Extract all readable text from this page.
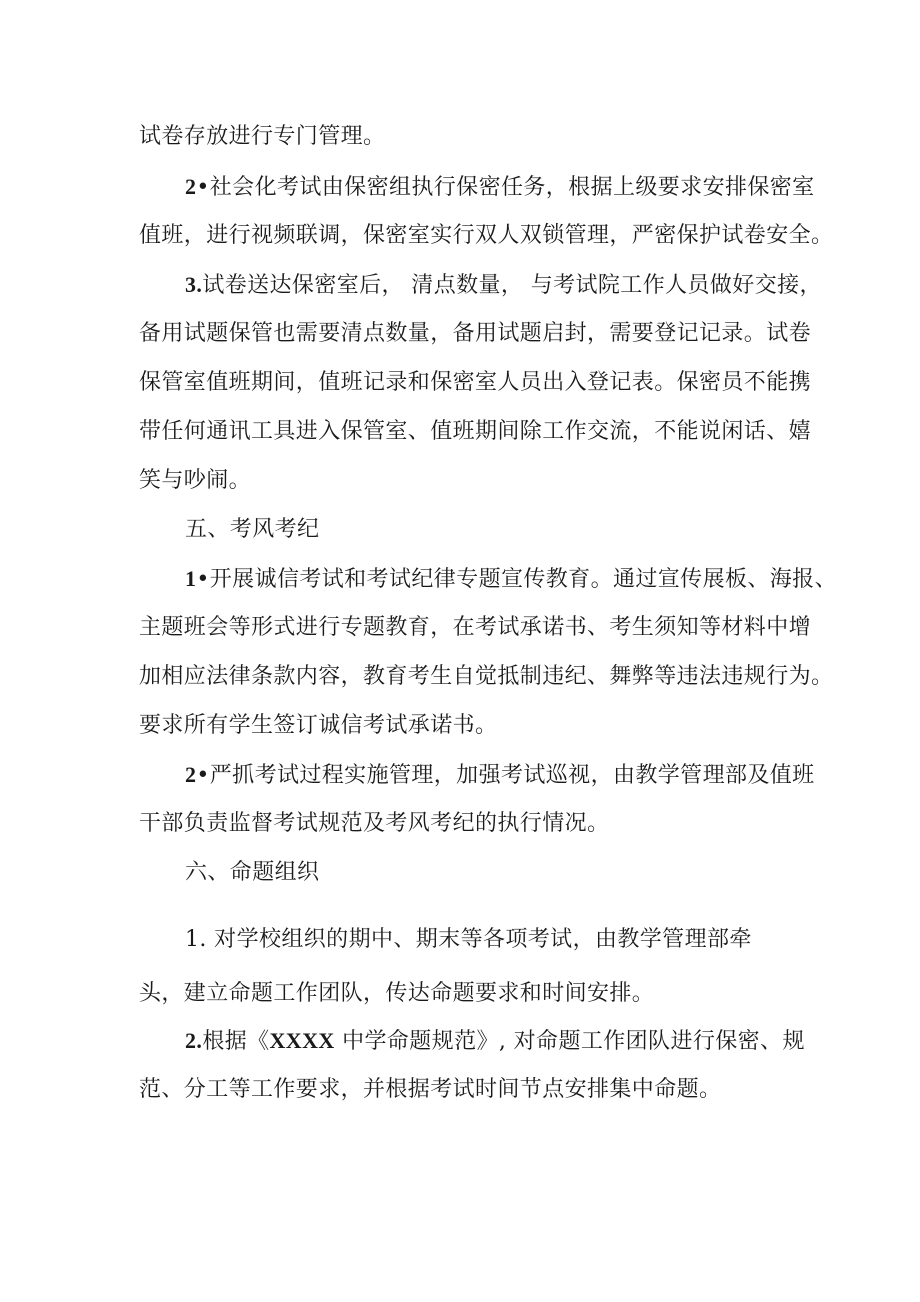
试卷存放进行专门管理。
2•社会化考试由保密组执行保密任务，根据上级要求安排保密室
值班，进行视频联调，保密室实行双人双锁管理，严密保护试卷安全。
3.试卷送达保密室后， 清点数量， 与考试院工作人员做好交接，
备用试题保管也需要清点数量，备用试题启封，需要登记记录。试卷
保管室值班期间，值班记录和保密室人员出入登记表。保密员不能携
带任何通讯工具进入保管室、值班期间除工作交流，不能说闲话、嬉
笑与吵闹。
五、考风考纪
1•开展诚信考试和考试纪律专题宣传教育。通过宣传展板、海报、
主题班会等形式进行专题教育，在考试承诺书、考生须知等材料中增
加相应法律条款内容，教育考生自觉抵制违纪、舞弊等违法违规行为。
要求所有学生签订诚信考试承诺书。
2•严抓考试过程实施管理，加强考试巡视，由教学管理部及值班
干部负责监督考试规范及考风考纪的执行情况。
六、命题组织
1. 对学校组织的期中、期末等各项考试，由教学管理部牵
头，建立命题工作团队，传达命题要求和时间安排。
2.根据《XXXX 中学命题规范》, 对命题工作团队进行保密、规
范、分工等工作要求，并根据考试时间节点安排集中命题。
